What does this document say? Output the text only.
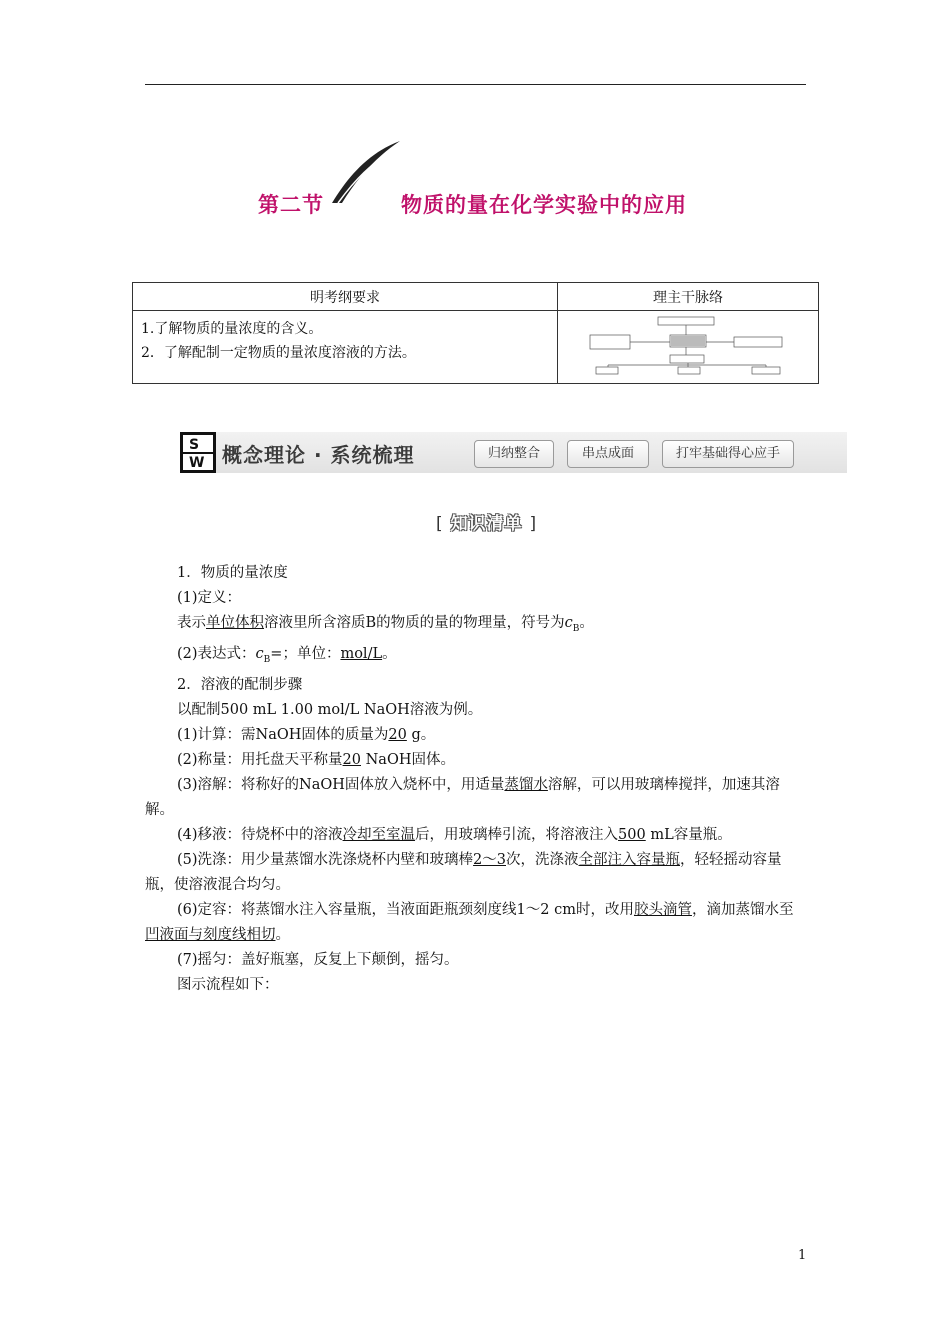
第二节	物质的量在化学实验中的应用
明考纲要求	理主干脉络

1.了解物质的量浓度的含义。
2．了解配制一定物质的量浓度溶液的方法。

S
W 概念理论 · 系统梳理	归纳整合	串点成面	打牢基础得心应手
[ 知识清单 ]

1．物质的量浓度

(1)定义：

表示单位体积溶液里所含溶质B的物质的量的物理量，符号为$c_B$。

(2)表达式：$c_B=$；单位：mol/L。

2．溶液的配制步骤

以配制500 mL 1.00 mol/L NaOH溶液为例。

(1)计算：需NaOH固体的质量为20 g。

(2)称量：用托盘天平称量20 NaOH固体。

(3)溶解：将称好的NaOH固体放入烧杯中，用适量蒸馏水溶解，可以用玻璃棒搅拌，加速其溶解。

(4)移液：待烧杯中的溶液冷却至室温后，用玻璃棒引流，将溶液注入500 mL容量瓶。

(5)洗涤：用少量蒸馏水洗涤烧杯内壁和玻璃棒2～3次，洗涤液全部注入容量瓶，轻轻摇动容量瓶，使溶液混合均匀。

(6)定容：将蒸馏水注入容量瓶，当液面距瓶颈刻度线1～2 cm时，改用胶头滴管，滴加蒸馏水至凹液面与刻度线相切。

(7)摇匀：盖好瓶塞，反复上下颠倒，摇匀。

图示流程如下：

1
